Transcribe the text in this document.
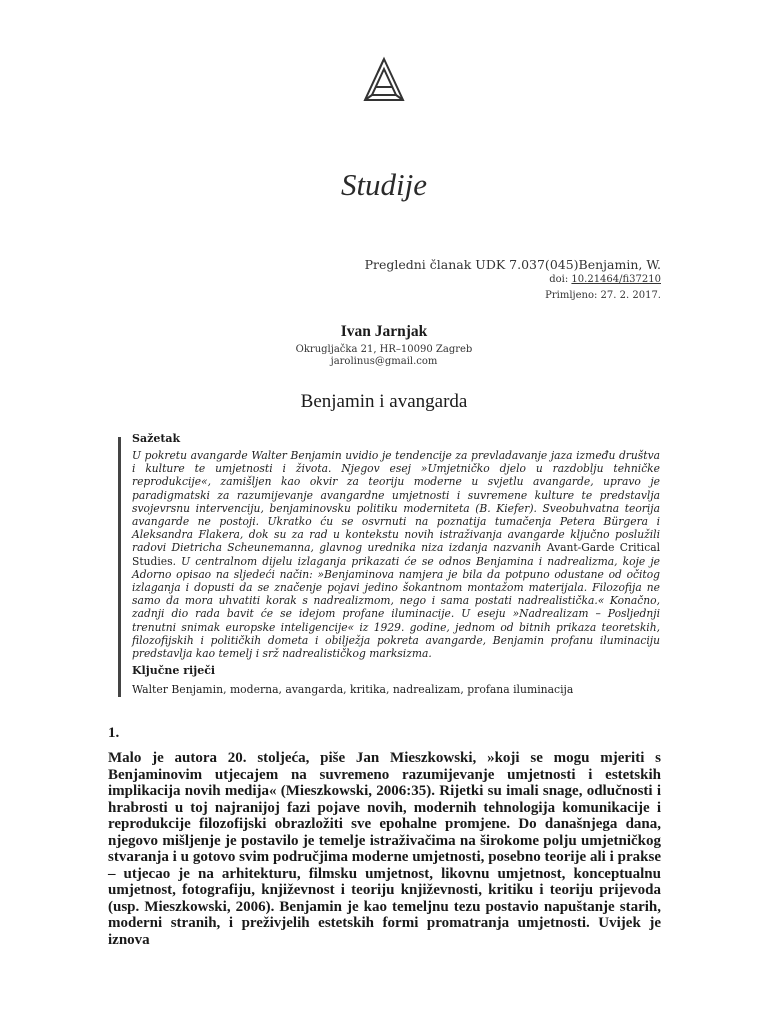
Studije
Pregledni članak UDK 7.037(045)Benjamin, W.
doi: 10.21464/fi37210
Primljeno: 27. 2. 2017.
Ivan Jarnjak
Okrugljačka 21, HR–10090 Zagreb
jarolinus@gmail.com
Benjamin i avangarda
Sažetak
U pokretu avangarde Walter Benjamin uvidio je tendencije za prevladavanje jaza između društva i kulture te umjetnosti i života. Njegov esej »Umjetničko djelo u razdoblju tehničke reprodukcije«, zamišljen kao okvir za teoriju moderne u svjetlu avangarde, upravo je paradigmatski za razumijevanje avangardne umjetnosti i suvremene kulture te predstavlja svojevrsnu intervenciju, benjaminovsku politiku moderniteta (B. Kiefer). Sveobuhvatna teorija avangarde ne postoji. Ukratko ću se osvrnuti na poznatija tumačenja Petera Bürgera i Aleksandra Flakera, dok su za rad u kontekstu novih istraživanja avangarde ključno poslužili radovi Dietricha Scheunemanna, glavnog urednika niza izdanja nazvanih Avant-Garde Critical Studies. U centralnom dijelu izlaganja prikazati će se odnos Benjamina i nadrealizma, koje je Adorno opisao na sljedeći način: »Benjaminova namjera je bila da potpuno odustane od očitog izlaganja i dopusti da se značenje pojavi jedino šokantnom montažom materijala. Filozofija ne samo da mora uhvatiti korak s nadrealizmom, nego i sama postati nadrealistička.« Konačno, zadnji dio rada bavit će se idejom profane iluminacije. U eseju »Nadrealizam – Posljednji trenutni snimak europske inteligencije« iz 1929. godine, jednom od bitnih prikaza teoretskih, filozofijskih i političkih dometa i obilježja pokreta avangarde, Benjamin profanu iluminaciju predstavlja kao temelj i srž nadrealističkog marksizma.
Ključne riječi
Walter Benjamin, moderna, avangarda, kritika, nadrealizam, profana iluminacija
1.
Malo je autora 20. stoljeća, piše Jan Mieszkowski, »koji se mogu mjeriti s Benjaminovim utjecajem na suvremeno razumijevanje umjetnosti i estetskih implikacija novih medija« (Mieszkowski, 2006:35). Rijetki su imali snage, odlučnosti i hrabrosti u toj najranijoj fazi pojave novih, modernih tehnologija komunikacije i reprodukcije filozofijski obrazložiti sve epohalne promjene. Do današnjega dana, njegovo mišljenje je postavilo je temelje istraživačima na širokome polju umjetničkog stvaranja i u gotovo svim područjima moderne umjetnosti, posebno teorije ali i prakse – utjecao je na arhitekturu, filmsku umjetnost, likovnu umjetnost, konceptualnu umjetnost, fotografiju, književnost i teoriju književnosti, kritiku i teoriju prijevoda (usp. Mieszkowski, 2006). Benjamin je kao temeljnu tezu postavio napuštanje starih, moderni stranih, i preživjelih estetskih formi promatranja umjetnosti. Uvijek je iznova
